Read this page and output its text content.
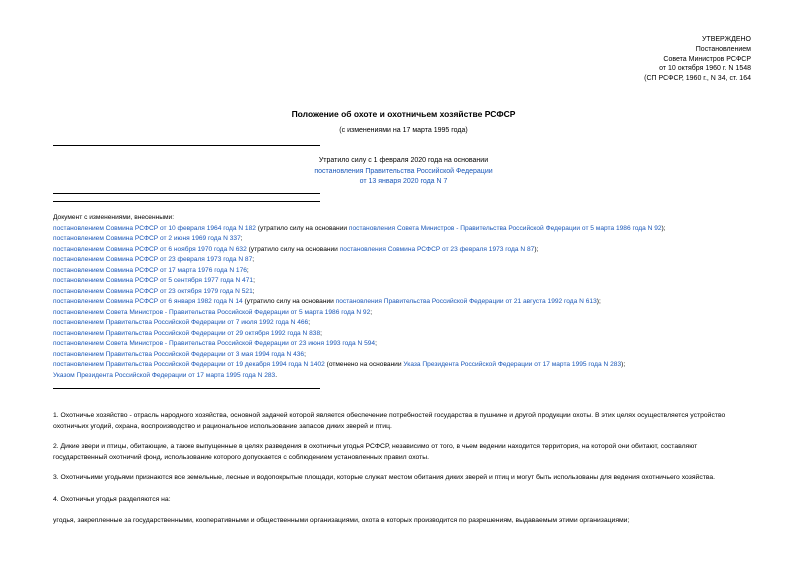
УТВЕРЖДЕНО
Постановлением
Совета Министров РСФСР
от 10 октября 1960 г. N 1548
(СП РСФСР, 1960 г., N 34, ст. 164
Положение об охоте и охотничьем хозяйстве РСФСР
(с изменениями на 17 марта 1995 года)
Утратило силу с 1 февраля 2020 года на основании
постановления Правительства Российской Федерации
от 13 января 2020 года N 7
Документ с изменениями, внесенными:
постановлением Совмина РСФСР от 10 февраля 1964 года N 182 (утратило силу на основании постановления Совета Министров - Правительства Российской Федерации от 5 марта 1986 года N 92);
постановлением Совмина РСФСР от 2 июня 1969 года N 337;
постановлением Совмина РСФСР от 6 ноября 1970 года N 632 (утратило силу на основании постановления Совмина РСФСР от 23 февраля 1973 года N 87);
постановлением Совмина РСФСР от 23 февраля 1973 года N 87;
постановлением Совмина РСФСР от 17 марта 1976 года N 176;
постановлением Совмина РСФСР от 5 сентября 1977 года N 471;
постановлением Совмина РСФСР от 23 октября 1979 года N 521;
постановлением Совмина РСФСР от 6 января 1982 года N 14 (утратило силу на основании постановления Правительства Российской Федерации от 21 августа 1992 года N 613);
постановлением Совета Министров - Правительства Российской Федерации от 5 марта 1986 года N 92;
постановлением Правительства Российской Федерации от 7 июля 1992 года N 466;
постановлением Правительства Российской Федерации от 29 октября 1992 года N 838;
постановлением Совета Министров - Правительства Российской Федерации от 23 июня 1993 года N 594;
постановлением Правительства Российской Федерации от 3 мая 1994 года N 436;
постановлением Правительства Российской Федерации от 19 декабря 1994 года N 1402 (отменено на основании Указа Президента Российской Федерации от 17 марта 1995 года N 283);
Указом Президента Российской Федерации от 17 марта 1995 года N 283.
1. Охотничье хозяйство - отрасль народного хозяйства, основной задачей которой является обеспечение потребностей государства в пушнине и другой продукции охоты. В этих целях осуществляется устройство
охотничьих угодий, охрана, воспроизводство и рациональное использование запасов диких зверей и птиц.
2. Дикие звери и птицы, обитающие, а также выпущенные в целях разведения в охотничьи угодья РСФСР, независимо от того, в чьем ведении находится территория, на которой они обитают, составляют
государственный охотничий фонд, использование которого допускается с соблюдением установленных правил охоты.
3. Охотничьими угодьями признаются все земельные, лесные и водопокрытые площади, которые служат местом обитания диких зверей и птиц и могут быть использованы для ведения охотничьего хозяйства.
4. Охотничьи угодья разделяются на:
угодья, закрепленные за государственными, кооперативными и общественными организациями, охота в которых производится по разрешениям, выдаваемым этими организациями;
